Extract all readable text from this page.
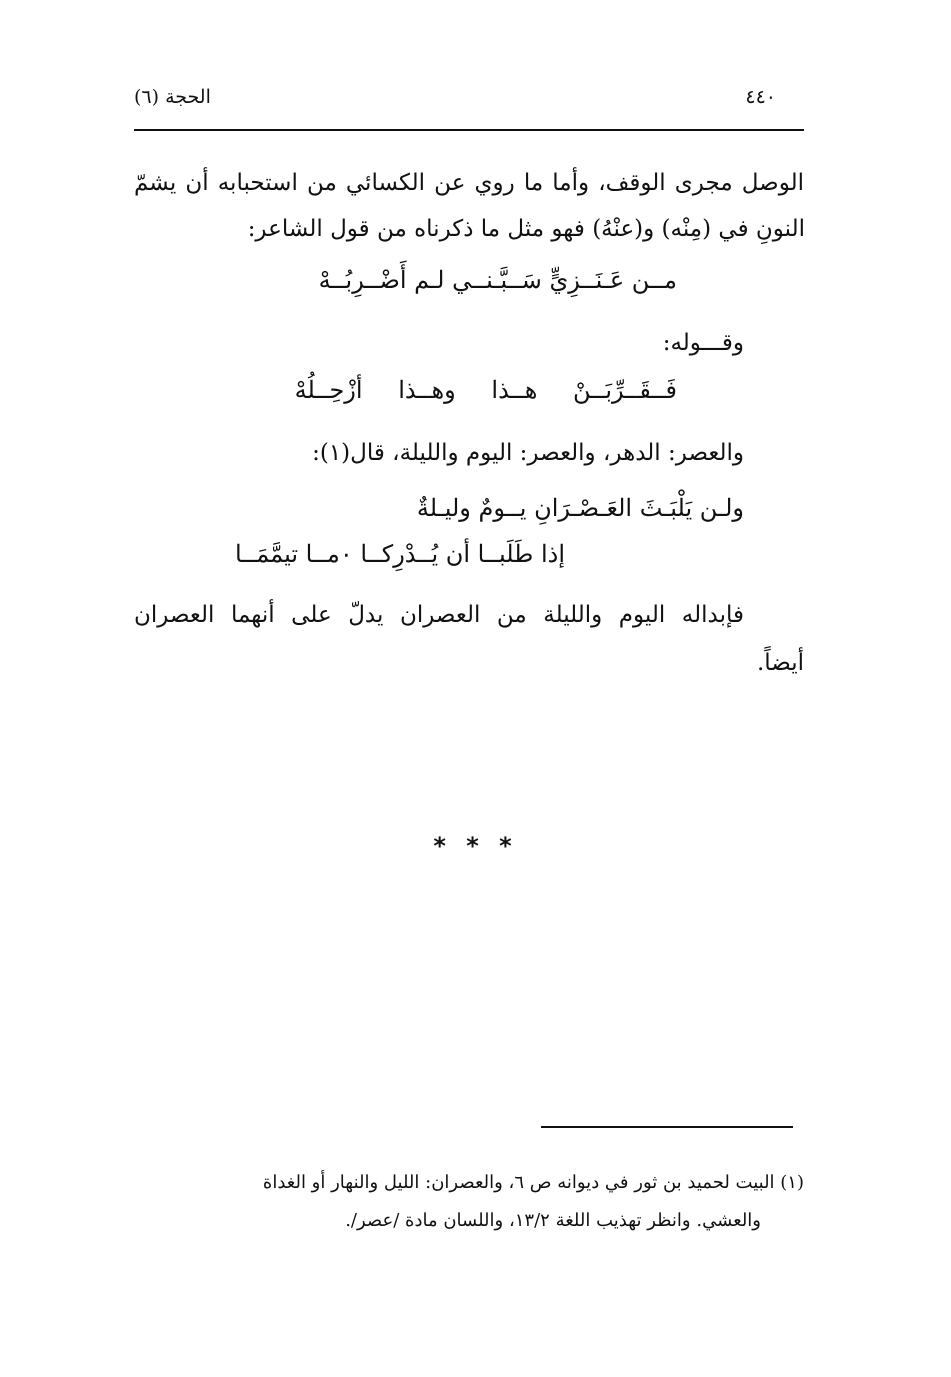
الحجة (٦)	٤٤٠
الوصل مجرى الوقف، وأما ما روي عن الكسائي من استحبابه أن يشمّ
النونِ في (مِنْه) و(عنْهُ) فهو مثل ما ذكرناه من قول الشاعر:
مــن عَـنَــزِيٍّ سَــبَّـنــي لـم أَضْــرِبُــهْ
وقـــوله:
فَــقَــرِّبَــنْ هــذا وهــذا أزْحِــلُهْ
والعصر: الدهر، والعصر: اليوم والليلة، قال(١):
ولـن يَلْبَـثَ العَـصْـرَانِ يــومٌ وليـلةٌ
إذا طَلَبــا أن يُــدْرِكــا ٠مــا تيمَّمَــا
فإبداله اليوم والليلة من العصران يدلّ على أنهما العصران
أيضاً.
* * *
(١) البيت لحميد بن ثور في ديوانه ص ٦، والعصران: الليل والنهار أو الغداة
والعشي. وانظر تهذيب اللغة ١٣/٢، واللسان مادة /عصر/.
